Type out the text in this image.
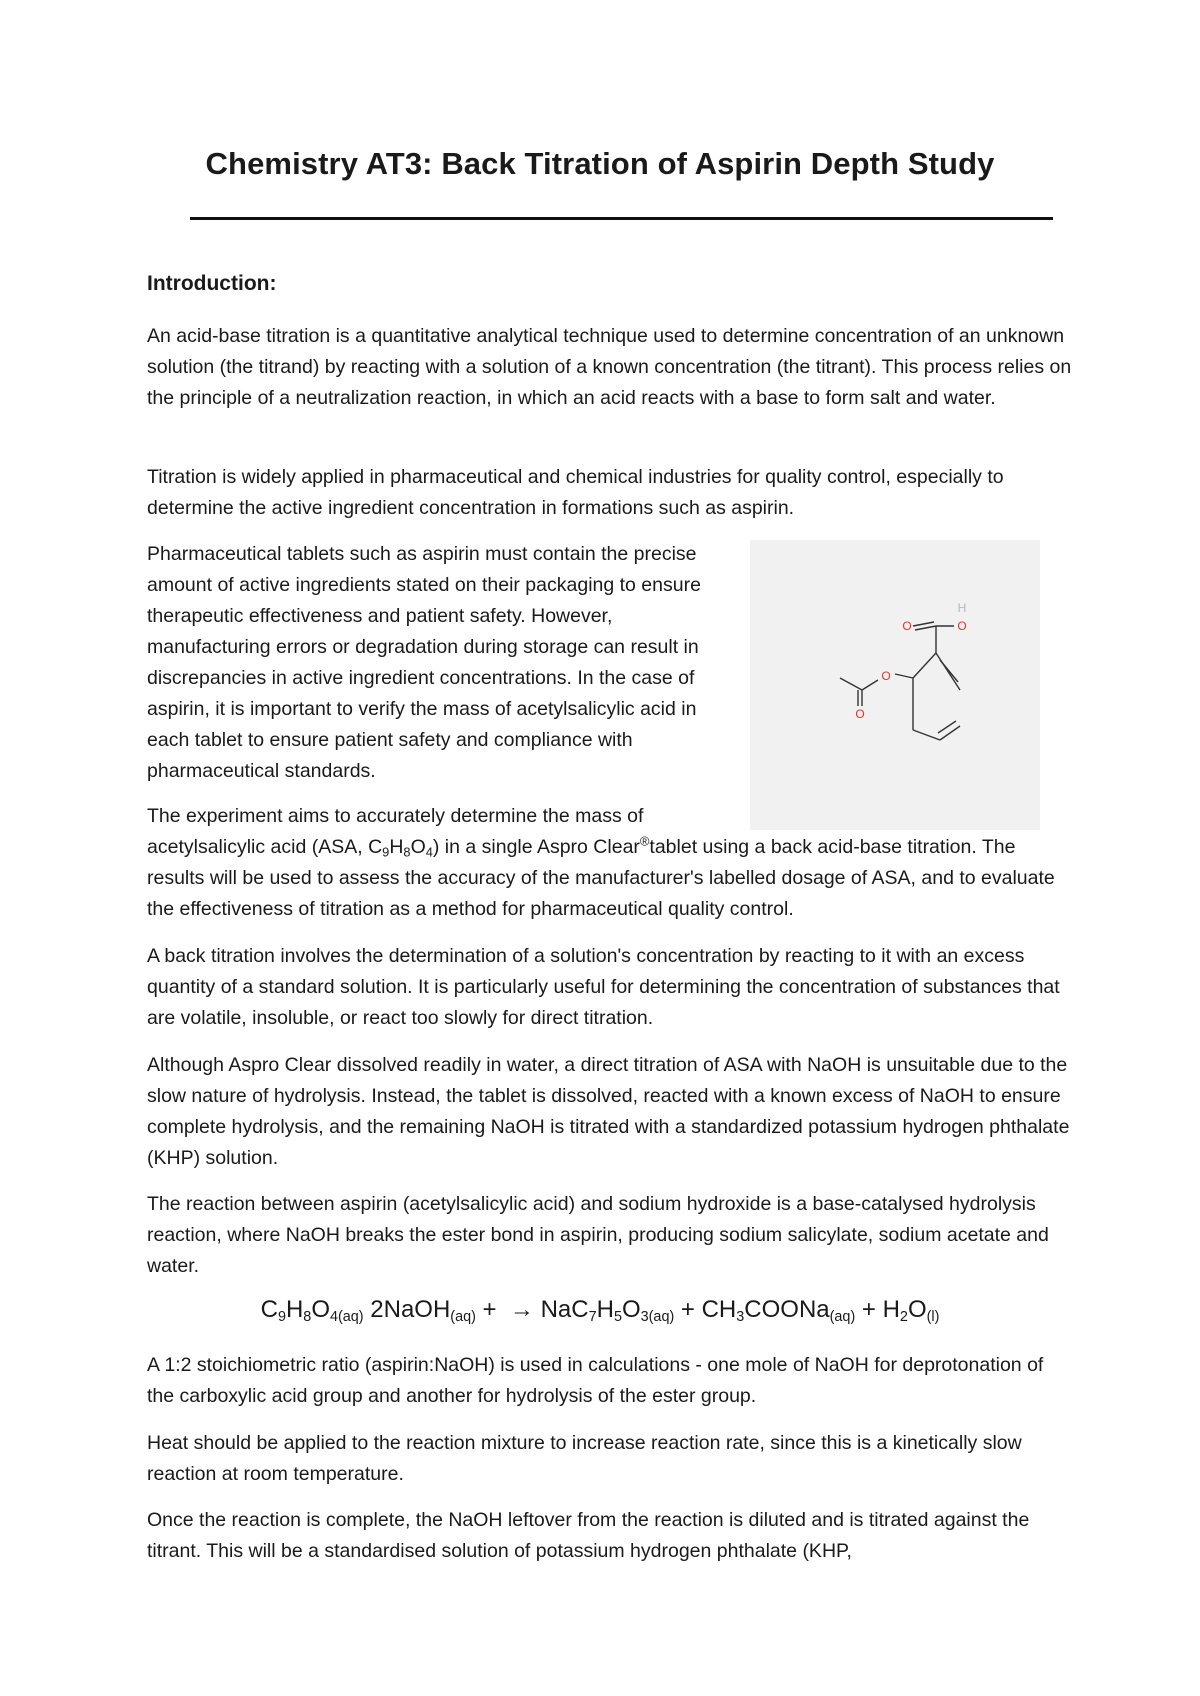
Chemistry AT3: Back Titration of Aspirin Depth Study

Introduction:

An acid-base titration is a quantitative analytical technique used to determine concentration of an unknown solution (the titrand) by reacting with a solution of a known concentration (the titrant). This process relies on the principle of a neutralization reaction, in which an acid reacts with a base to form salt and water.

Titration is widely applied in pharmaceutical and chemical industries for quality control, especially to determine the active ingredient concentration in formations such as aspirin.

Pharmaceutical tablets such as aspirin must contain the precise amount of active ingredients stated on their packaging to ensure therapeutic effectiveness and patient safety. However, manufacturing errors or degradation during storage can result in discrepancies in active ingredient concentrations. In the case of aspirin, it is important to verify the mass of acetylsalicylic acid in each tablet to ensure patient safety and compliance with pharmaceutical standards.

H
O	O
O
O

The experiment aims to accurately determine the mass of
acetylsalicylic acid (ASA, $C_9H_8O_4$) in a single Aspro Clear®tablet using a back acid-base titration. The results will be used to assess the accuracy of the manufacturer's labelled dosage of ASA, and to evaluate the effectiveness of titration as a method for pharmaceutical quality control.

A back titration involves the determination of a solution's concentration by reacting to it with an excess quantity of a standard solution. It is particularly useful for determining the concentration of substances that are volatile, insoluble, or react too slowly for direct titration.

Although Aspro Clear dissolved readily in water, a direct titration of ASA with NaOH is unsuitable due to the slow nature of hydrolysis. Instead, the tablet is dissolved, reacted with a known excess of NaOH to ensure complete hydrolysis, and the remaining NaOH is titrated with a standardized potassium hydrogen phthalate (KHP) solution.

The reaction between aspirin (acetylsalicylic acid) and sodium hydroxide is a base-catalysed hydrolysis reaction, where NaOH breaks the ester bond in aspirin, producing sodium salicylate, sodium acetate and water.

$C_9H_8O_{4(aq)}$ 2NaOH$_{(aq)}$ +  → $NaC_7H_5O_{3(aq)}$ + $CH_3COONa_{(aq)} + H_2O_{(l)}$

A 1:2 stoichiometric ratio (aspirin:NaOH) is used in calculations - one mole of NaOH for deprotonation of the carboxylic acid group and another for hydrolysis of the ester group.

Heat should be applied to the reaction mixture to increase reaction rate, since this is a kinetically slow reaction at room temperature.

Once the reaction is complete, the NaOH leftover from the reaction is diluted and is titrated against the titrant. This will be a standardised solution of potassium hydrogen phthalate (KHP,
